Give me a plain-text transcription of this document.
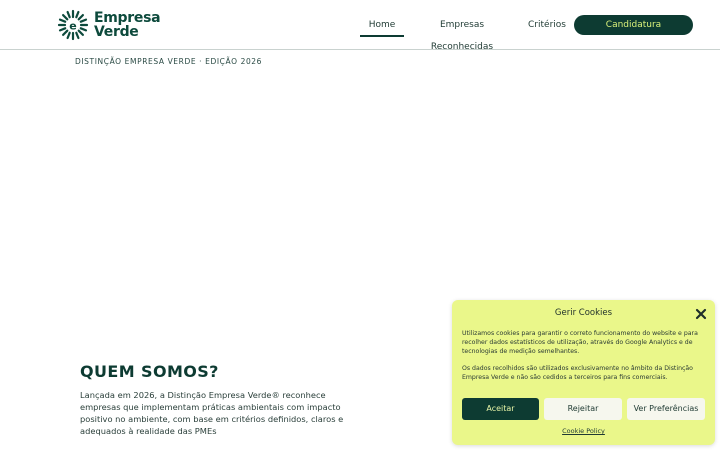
e Empresa
Verde	Home	Empresas Reconhecidas
Critérios	Candidatura
DISTINÇÃO EMPRESA VERDE · EDIÇÃO 2026
QUEM SOMOS?

Lançada em 2026, a Distinção Empresa Verde® reconhece empresas que implementam práticas ambientais com impacto positivo no ambiente, com base em critérios definidos, claros e adequados à realidade das PMEs

Gerir Cookies

Utilizamos cookies para garantir o correto funcionamento do website e para recolher dados estatísticos de utilização, através do Google Analytics e de tecnologias de medição semelhantes.

Os dados recolhidos são utilizados exclusivamente no âmbito da Distinção Empresa Verde e não são cedidos a terceiros para fins comerciais.

Aceitar	Rejeitar	Ver Preferências
Cookie Policy
